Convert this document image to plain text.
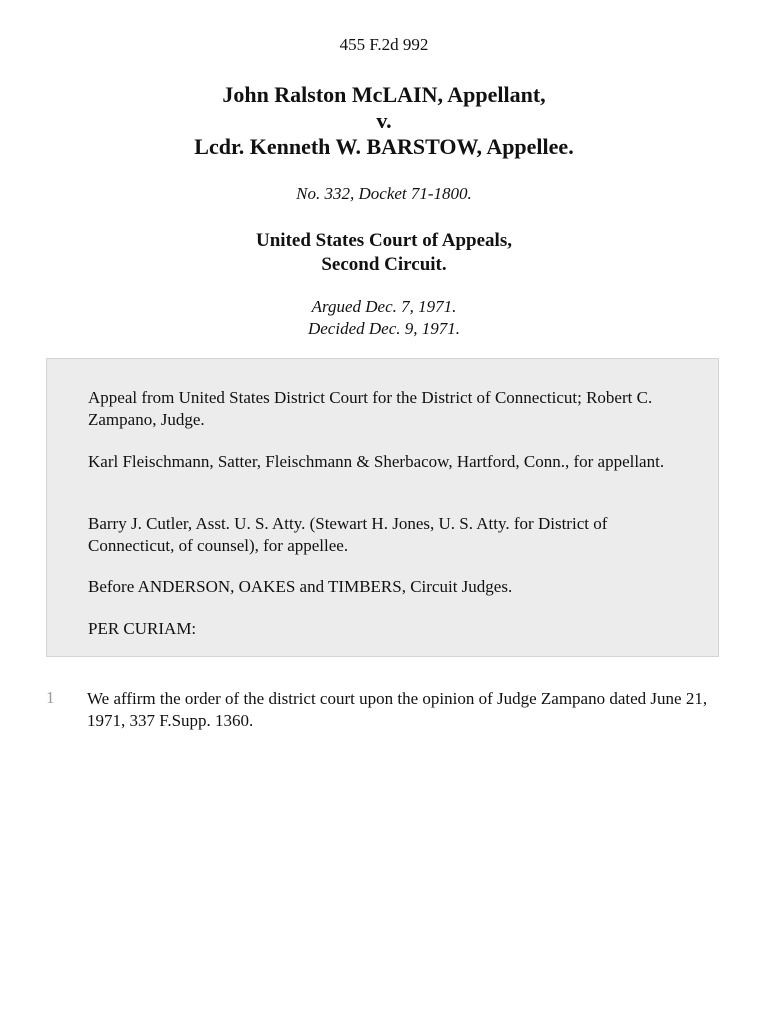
455 F.2d 992
John Ralston McLAIN, Appellant,
v.
Lcdr. Kenneth W. BARSTOW, Appellee.
No. 332, Docket 71-1800.
United States Court of Appeals,
Second Circuit.
Argued Dec. 7, 1971.
Decided Dec. 9, 1971.
Appeal from United States District Court for the District of Connecticut; Robert C. Zampano, Judge.
Karl Fleischmann, Satter, Fleischmann & Sherbacow, Hartford, Conn., for appellant.
Barry J. Cutler, Asst. U. S. Atty. (Stewart H. Jones, U. S. Atty. for District of Connecticut, of counsel), for appellee.
Before ANDERSON, OAKES and TIMBERS, Circuit Judges.
PER CURIAM:
1 We affirm the order of the district court upon the opinion of Judge Zampano dated June 21, 1971, 337 F.Supp. 1360.
